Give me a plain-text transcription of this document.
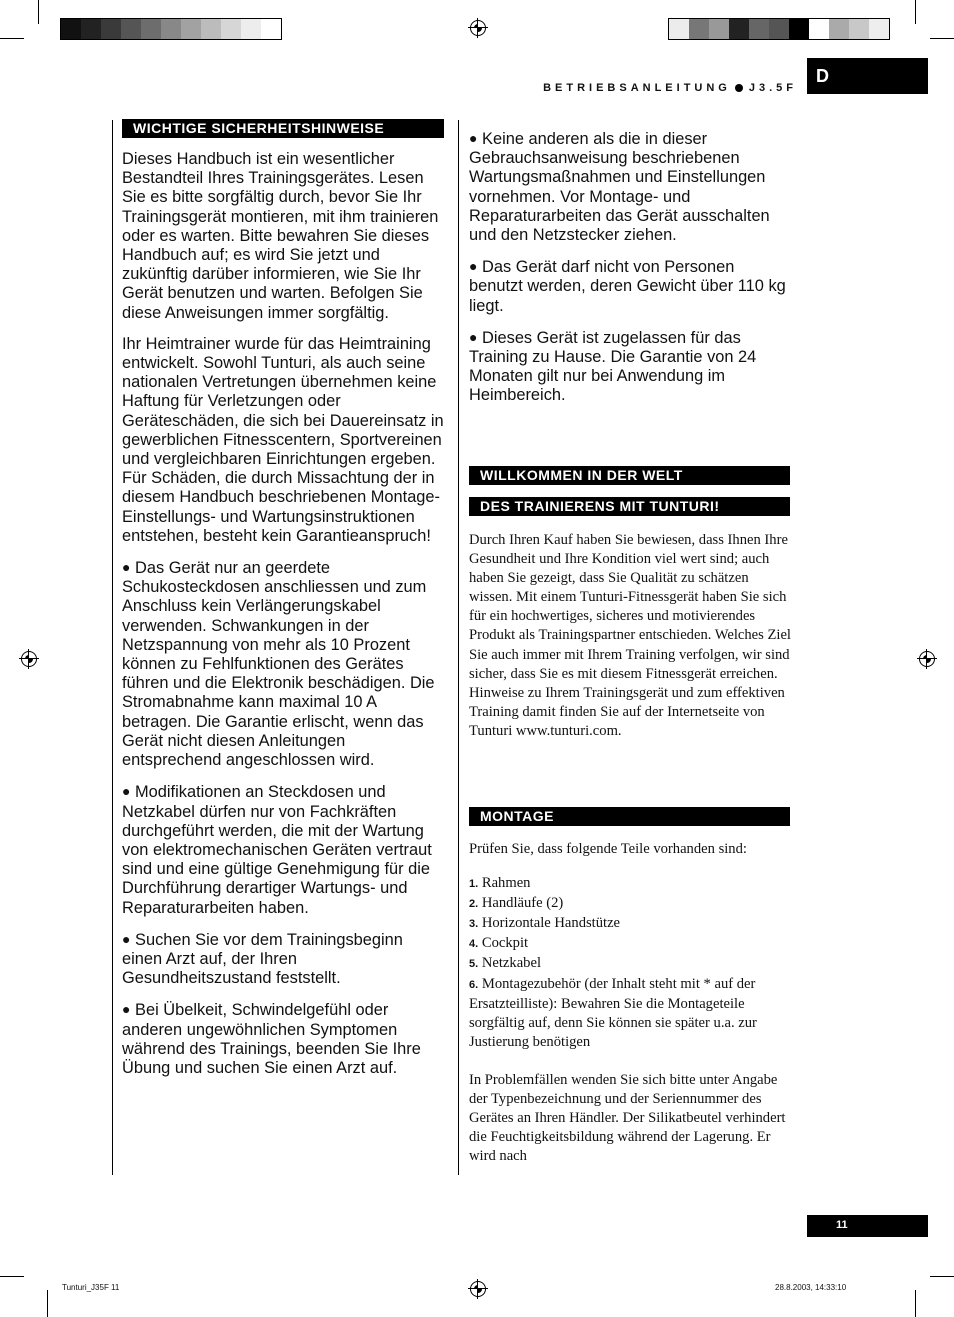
BETRIEBSANLEITUNG J3.5F
D
WICHTIGE SICHERHEITSHINWEISE

Dieses Handbuch ist ein wesentlicher Bestandteil Ihres Trainingsgerätes. Lesen Sie es bitte sorgfältig durch, bevor Sie Ihr Trainingsgerät montieren, mit ihm trainieren oder es warten. Bitte bewahren Sie dieses Handbuch auf; es wird Sie jetzt und zukünftig darüber informieren, wie Sie Ihr Gerät benutzen und warten. Befolgen Sie diese Anweisungen immer sorgfältig.

Ihr Heimtrainer wurde für das Heimtraining entwickelt. Sowohl Tunturi, als auch seine nationalen Vertretungen übernehmen keine Haftung für Verletzungen oder Geräteschäden, die sich bei Dauereinsatz in gewerblichen Fitnesscentern, Sportvereinen und vergleichbaren Einrichtungen ergeben. Für Schäden, die durch Missachtung der in diesem Handbuch beschriebenen Montage- Einstellungs- und Wartungsinstruktionen entstehen, besteht kein Garantieanspruch!

● Das Gerät nur an geerdete Schukosteckdosen anschliessen und zum Anschluss kein Verlängerungskabel verwenden. Schwankungen in der Netzspannung von mehr als 10 Prozent können zu Fehlfunktionen des Gerätes führen und die Elektronik beschädigen. Die Stromabnahme kann maximal 10 A betragen. Die Garantie erlischt, wenn das Gerät nicht diesen Anleitungen entsprechend angeschlossen wird.

● Modifikationen an Steckdosen und Netzkabel dürfen nur von Fachkräften durchgeführt werden, die mit der Wartung von elektromechanischen Geräten vertraut sind und eine gültige Genehmigung für die Durchführung derartiger Wartungs- und Reparaturarbeiten haben.

● Suchen Sie vor dem Trainingsbeginn einen Arzt auf, der Ihren Gesundheitszustand feststellt.

● Bei Übelkeit, Schwindelgefühl oder anderen ungewöhnlichen Symptomen während des Trainings, beenden Sie Ihre Übung und suchen Sie einen Arzt auf.

● Keine anderen als die in dieser Gebrauchsanweisung beschriebenen Wartungsmaßnahmen und Einstellungen vornehmen. Vor Montage- und Reparaturarbeiten das Gerät ausschalten und den Netzstecker ziehen.

● Das Gerät darf nicht von Personen benutzt werden, deren Gewicht über 110 kg liegt.

● Dieses Gerät ist zugelassen für das Training zu Hause. Die Garantie von 24 Monaten gilt nur bei Anwendung im Heimbereich.

WILLKOMMEN IN DER WELT
DES TRAINIERENS MIT TUNTURI!

Durch Ihren Kauf haben Sie bewiesen, dass Ihnen Ihre Gesundheit und Ihre Kondition viel wert sind; auch haben Sie gezeigt, dass Sie Qualität zu schätzen wissen. Mit einem Tunturi-Fitnessgerät haben Sie sich für ein hochwertiges, sicheres und motivierendes Produkt als Trainingspartner entschieden. Welches Ziel Sie auch immer mit Ihrem Training verfolgen, wir sind sicher, dass Sie es mit diesem Fitnessgerät erreichen. Hinweise zu Ihrem Trainingsgerät und zum effektiven Training damit finden Sie auf der Internetseite von Tunturi www.tunturi.com.

MONTAGE

Prüfen Sie, dass folgende Teile vorhanden sind:

1. Rahmen

2. Handläufe (2)

3. Horizontale Handstütze

4. Cockpit

5. Netzkabel

6. Montagezubehör (der Inhalt steht mit * auf der Ersatzteilliste): Bewahren Sie die Montageteile sorgfältig auf, denn Sie können sie später u.a. zur Justierung benötigen

In Problemfällen wenden Sie sich bitte unter Angabe der Typenbezeichnung und der Seriennummer des Gerätes an Ihren Händler. Der Silikatbeutel verhindert die Feuchtigkeitsbildung während der Lagerung. Er wird nach

11
Tunturi_J35F 11	28.8.2003, 14:33:10
